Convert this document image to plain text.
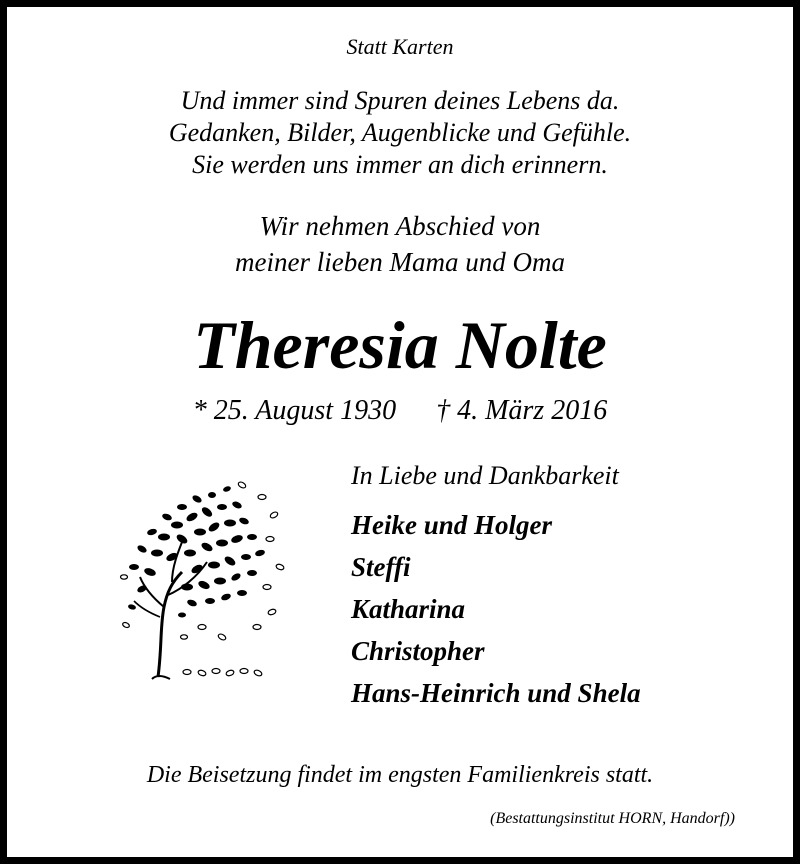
Statt Karten
Und immer sind Spuren deines Lebens da.
Gedanken, Bilder, Augenblicke und Gefühle.
Sie werden uns immer an dich erinnern.
Wir nehmen Abschied von
meiner lieben Mama und Oma
Theresia Nolte
* 25. August 1930 † 4. März 2016
In Liebe und Dankbarkeit
Heike und Holger
Steffi
Katharina
Christopher
Hans-Heinrich und Shela
Die Beisetzung findet im engsten Familienkreis statt.
(Bestattungsinstitut HORN, Handorf))
